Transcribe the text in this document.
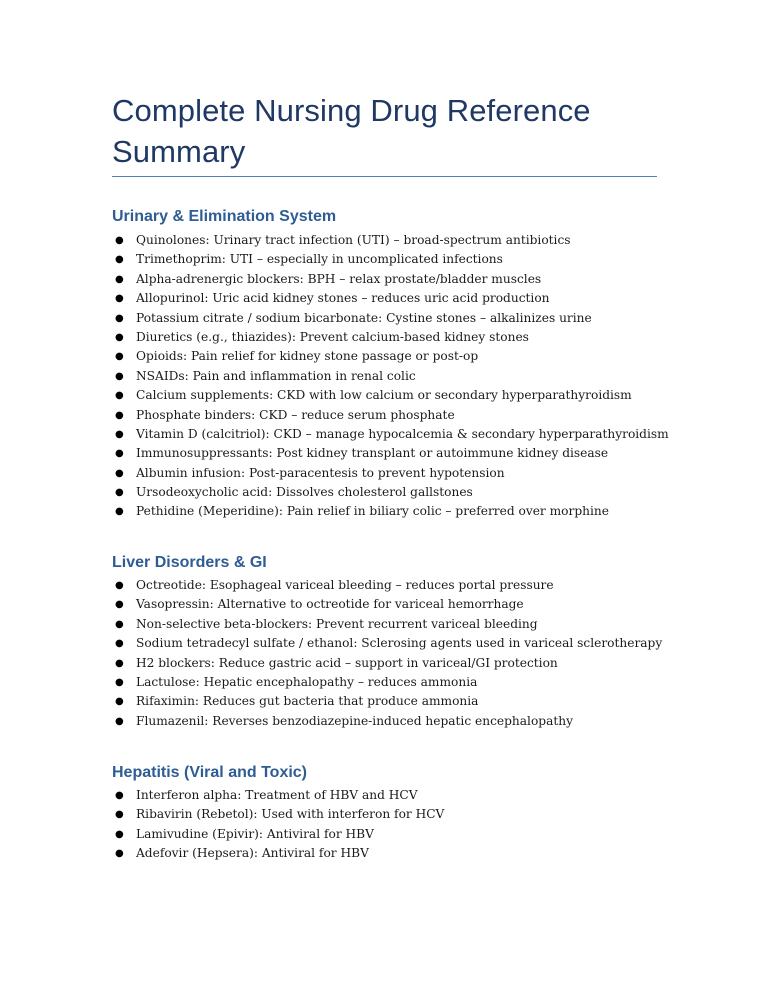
Complete Nursing Drug Reference Summary
Urinary & Elimination System
● Quinolones: Urinary tract infection (UTI) – broad-spectrum antibiotics
● Trimethoprim: UTI – especially in uncomplicated infections
● Alpha-adrenergic blockers: BPH – relax prostate/bladder muscles
● Allopurinol: Uric acid kidney stones – reduces uric acid production
● Potassium citrate / sodium bicarbonate: Cystine stones – alkalinizes urine
● Diuretics (e.g., thiazides): Prevent calcium-based kidney stones
● Opioids: Pain relief for kidney stone passage or post-op
● NSAIDs: Pain and inflammation in renal colic
● Calcium supplements: CKD with low calcium or secondary hyperparathyroidism
● Phosphate binders: CKD – reduce serum phosphate
● Vitamin D (calcitriol): CKD – manage hypocalcemia & secondary hyperparathyroidism
● Immunosuppressants: Post kidney transplant or autoimmune kidney disease
● Albumin infusion: Post-paracentesis to prevent hypotension
● Ursodeoxycholic acid: Dissolves cholesterol gallstones
● Pethidine (Meperidine): Pain relief in biliary colic – preferred over morphine
Liver Disorders & GI
● Octreotide: Esophageal variceal bleeding – reduces portal pressure
● Vasopressin: Alternative to octreotide for variceal hemorrhage
● Non-selective beta-blockers: Prevent recurrent variceal bleeding
● Sodium tetradecyl sulfate / ethanol: Sclerosing agents used in variceal sclerotherapy
● H2 blockers: Reduce gastric acid – support in variceal/GI protection
● Lactulose: Hepatic encephalopathy – reduces ammonia
● Rifaximin: Reduces gut bacteria that produce ammonia
● Flumazenil: Reverses benzodiazepine-induced hepatic encephalopathy
Hepatitis (Viral and Toxic)
● Interferon alpha: Treatment of HBV and HCV
● Ribavirin (Rebetol): Used with interferon for HCV
● Lamivudine (Epivir): Antiviral for HBV
● Adefovir (Hepsera): Antiviral for HBV
